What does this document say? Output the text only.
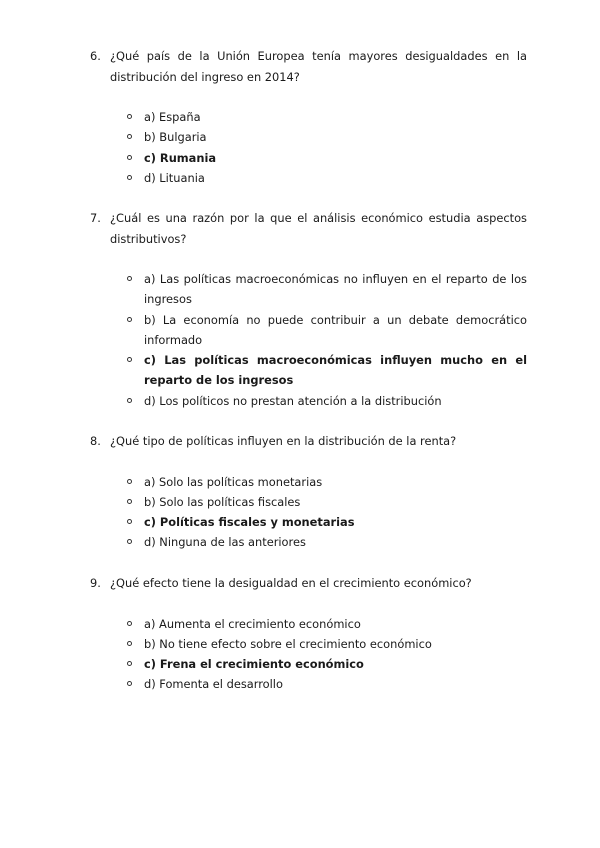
6. ¿Qué país de la Unión Europea tenía mayores desigualdades en la distribución del ingreso en 2014?
a) España
b) Bulgaria
c) Rumania
d) Lituania
7. ¿Cuál es una razón por la que el análisis económico estudia aspectos distributivos?
a) Las políticas macroeconómicas no influyen en el reparto de los ingresos
b) La economía no puede contribuir a un debate democrático informado
c) Las políticas macroeconómicas influyen mucho en el reparto de los ingresos
d) Los políticos no prestan atención a la distribución
8. ¿Qué tipo de políticas influyen en la distribución de la renta?
a) Solo las políticas monetarias
b) Solo las políticas fiscales
c) Políticas fiscales y monetarias
d) Ninguna de las anteriores
9. ¿Qué efecto tiene la desigualdad en el crecimiento económico?
a) Aumenta el crecimiento económico
b) No tiene efecto sobre el crecimiento económico
c) Frena el crecimiento económico
d) Fomenta el desarrollo
